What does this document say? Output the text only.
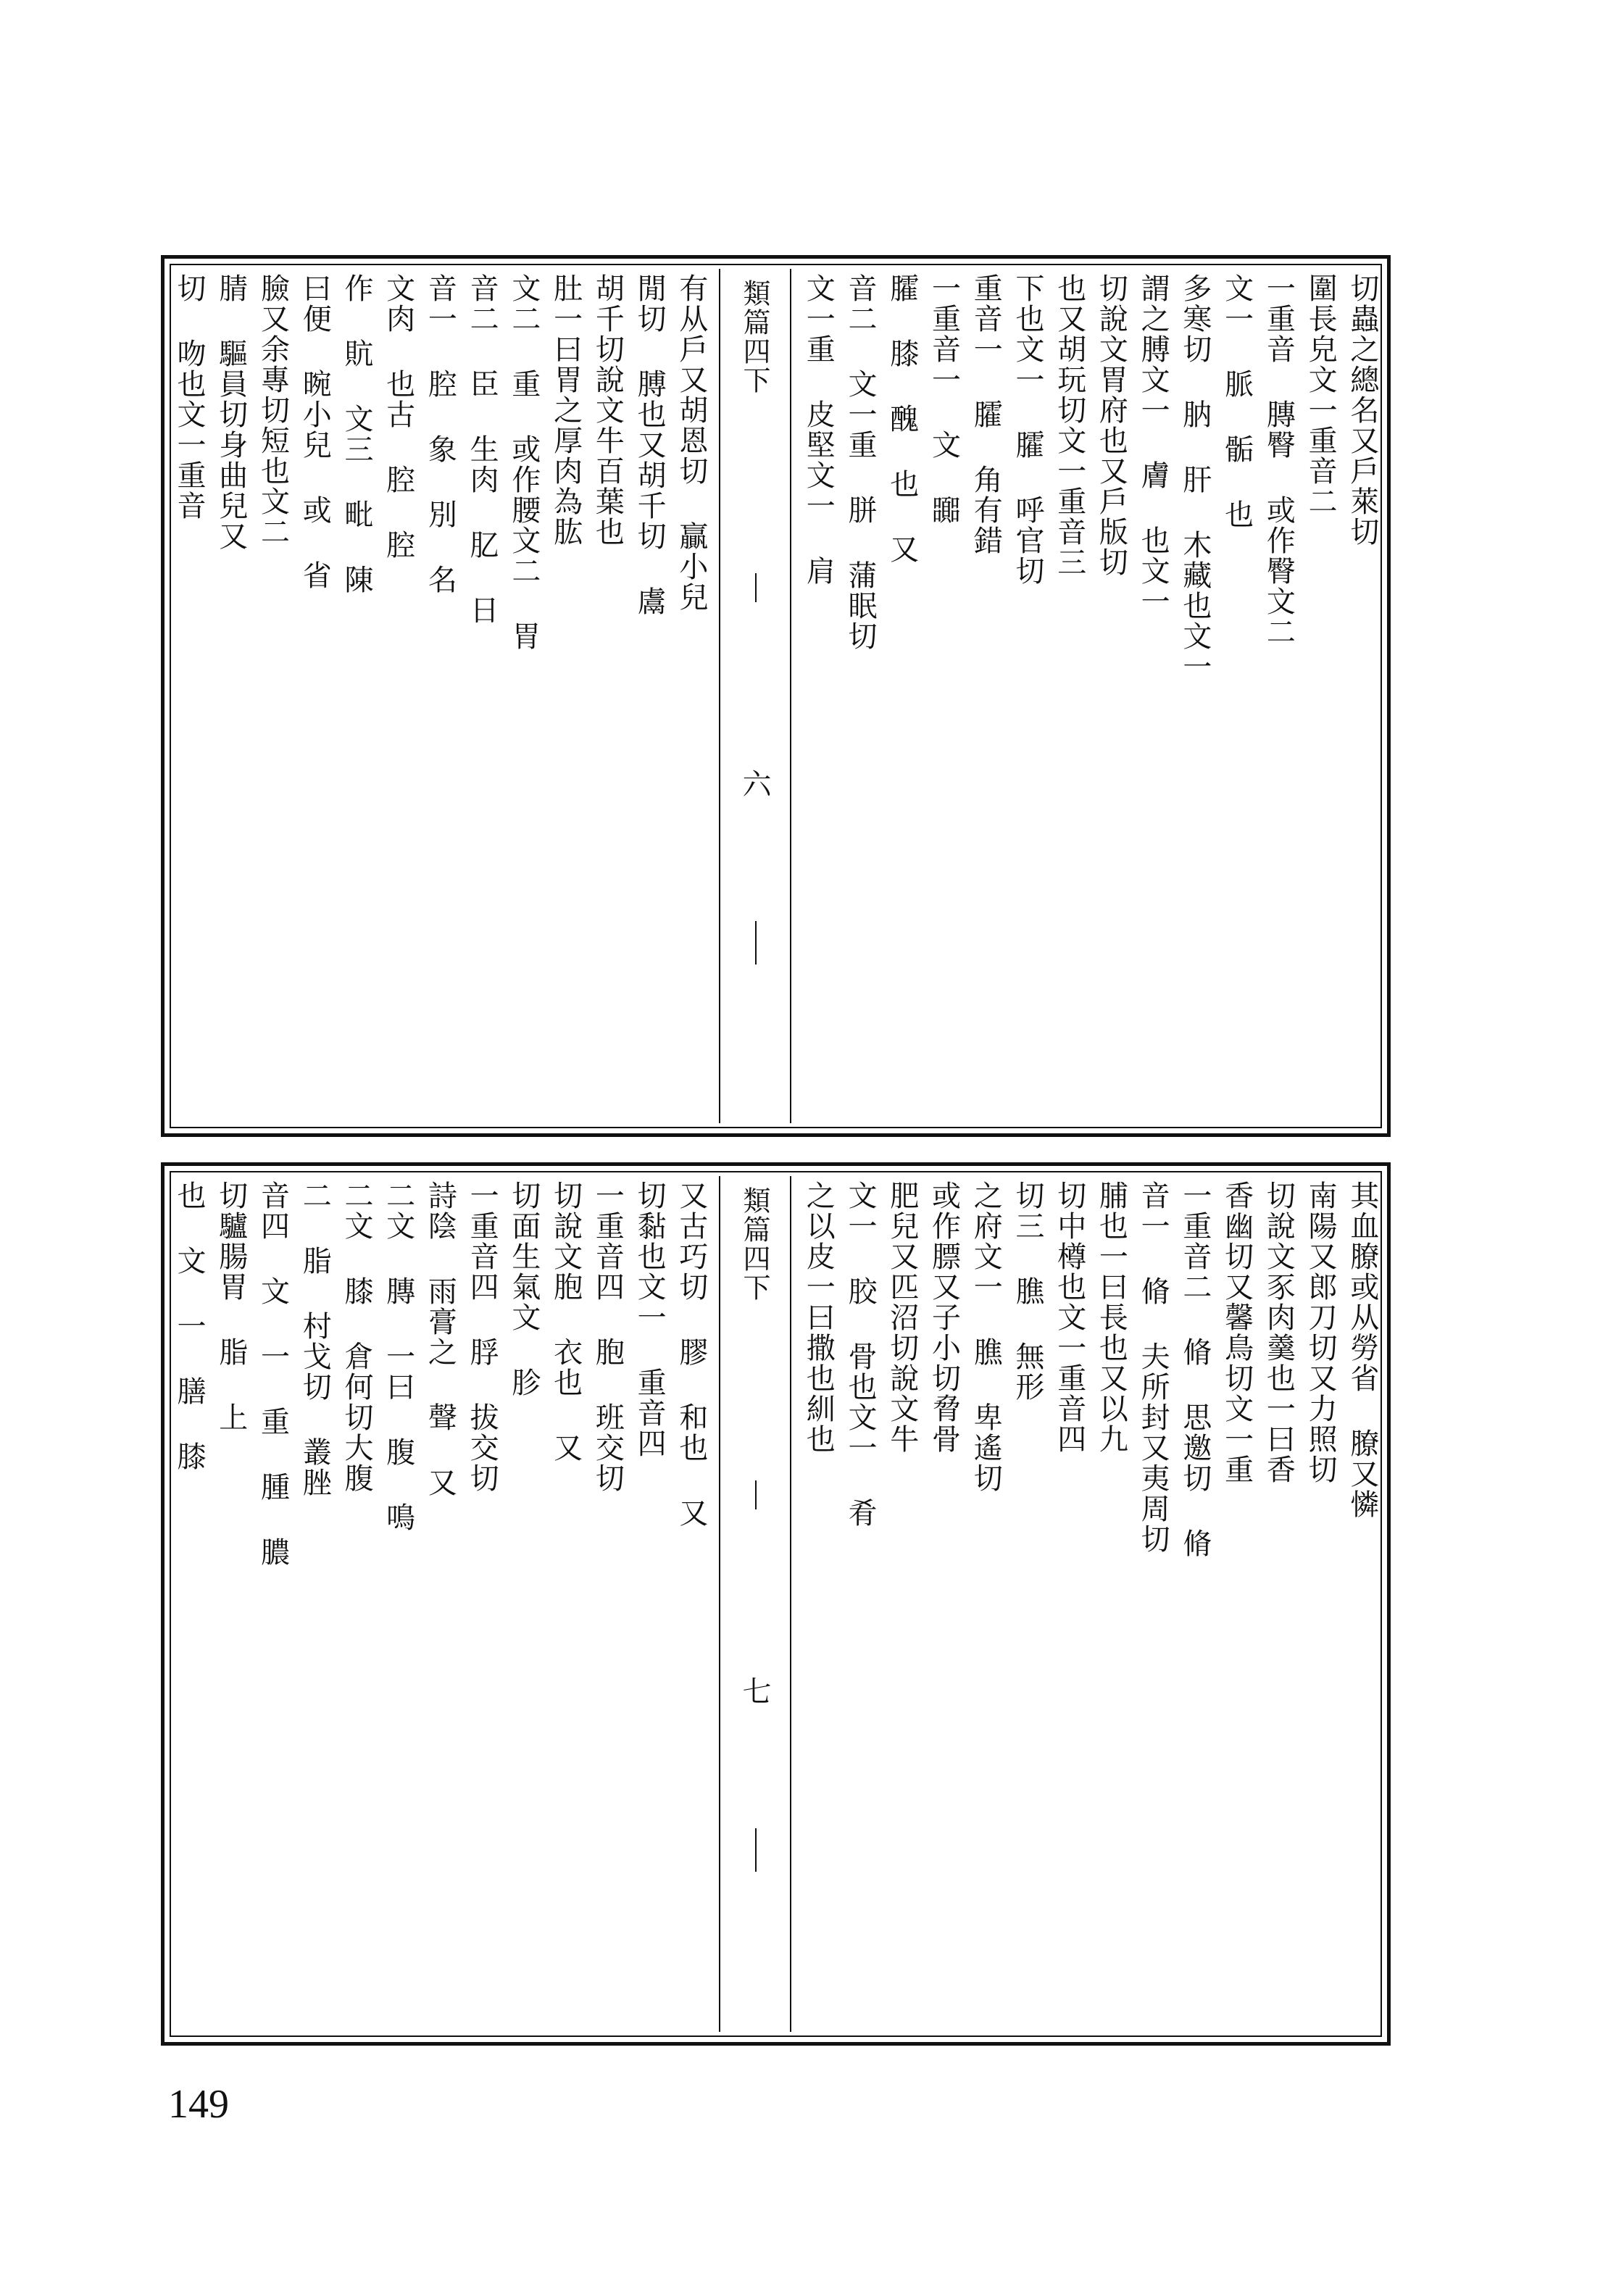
切蟲之總名又戶萊切
圍長皃文一重音二
一重音 膞臀 或作臀文二
文一 脈 骺 也
多寒切 肭 肝 木藏也文一
謂之膊文一 膚 也文一
切說文胃府也又戶版切
也又胡玩切文一重音三
下也文一 臛 呼官切
重音一 臛 角有錯
一重音一 文 嚻
臛 膝 醜 也 又
音二 文一重 胼 蒲眠切
文一重 皮堅文一 肩
類篇四下
六
有从戶又胡恩切 贏小兒
閒切 膊也又胡千切 鬳
胡千切說文牛百葉也
肚一曰胃之厚肉為肱
文二 重 或作腰文二 胃
音二 臣 生肉 肊 日
音一 腔 象 別 名
文肉 也古 腔 腔
作 貥 文三 毗 陳
曰便 晼小兒 或 省
臉又余專切短也文二
腈 驅員切身曲兒又
切 吻也文一重音
其血膫或从勞省 膫又憐
南陽又郎刀切又力照切
切說文豕肉羹也一曰香
香幽切又馨鳥切文一重
一重音二 脩 思邀切 脩
音一 脩 夫所封又夷周切
脯也一曰長也又以九
切中樽也文一重音四
切三 膲 無形
之府文一 膲 卑遙切
或作膘又子小切脅骨
肥兒又匹沼切說文牛
文一 胶 骨也文一 肴
之以皮一曰撒也紃也
類篇四下
七
又古巧切 膠 和也 又
切黏也文一 重音四
一重音四 胞 班交切
切說文胞 衣也 又
切面生氣文 胗
一重音四 脬 拔交切
詩陰 雨膏之 聲 又
二文 膞 一曰 腹 鳴
二文 膝 倉何切大腹
二 脂 村戈切 叢脞
音四 文 一 重 腫 膿
切驢腸胃 脂 上
也 文 一 膳 膝
149
